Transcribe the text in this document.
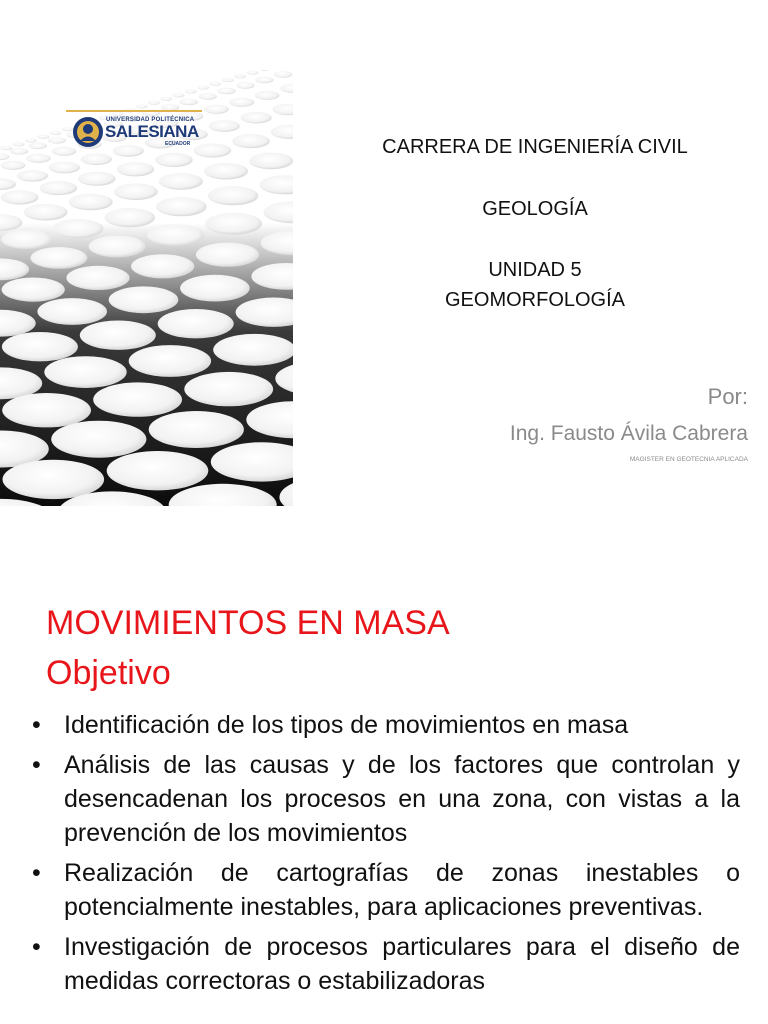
UNIVERSIDAD POLITÉCNICA
SALESIANA
ECUADOR	CARRERA DE INGENIERÍA CIVIL
GEOLOGÍA
UNIDAD 5
GEOMORFOLOGÍA
Por:
Ing. Fausto Ávila Cabrera
MAGISTER EN GEOTECNIA APLICADA
MOVIMIENTOS EN MASA
Objetivo
• Identificación de los tipos de movimientos en masa
• Análisis de las causas y de los factores que controlan y desencadenan los procesos en una zona, con vistas a la prevención de los movimientos
• Realización de cartografías de zonas inestables o potencialmente inestables, para aplicaciones preventivas.
• Investigación de procesos particulares para el diseño de medidas correctoras o estabilizadoras
